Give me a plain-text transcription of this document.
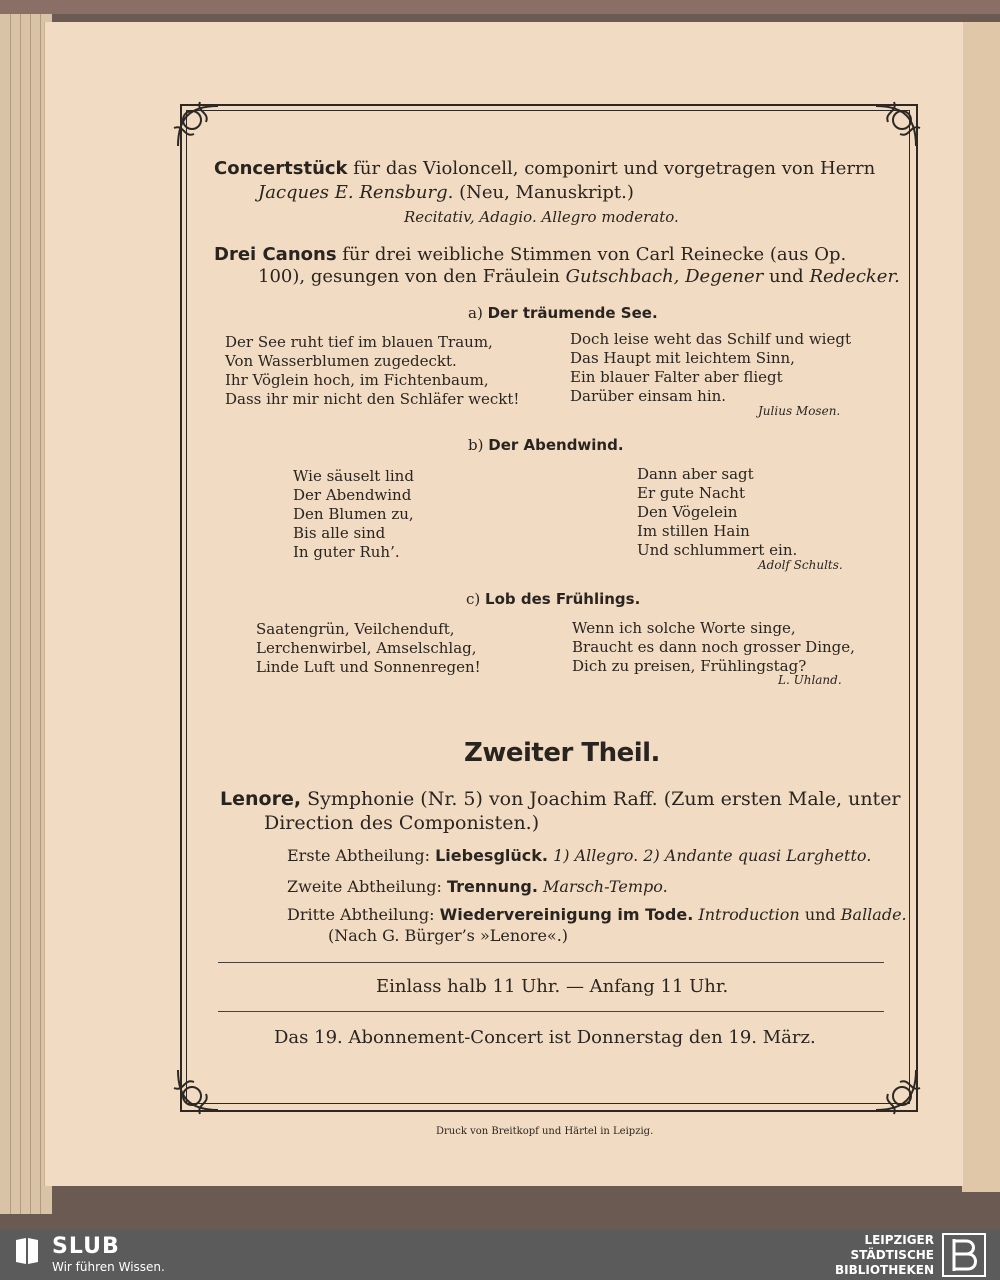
Concertstück für das Violoncell, componirt und vorgetragen von Herrn

Jacques E. Rensburg. (Neu, Manuskript.)

Recitativ, Adagio. Allegro moderato.

Drei Canons für drei weibliche Stimmen von Carl Reinecke (aus Op.

100), gesungen von den Fräulein Gutschbach, Degener und Redecker.

a) Der träumende See.

Der See ruht tief im blauen Traum,
Von Wasserblumen zugedeckt.
Ihr Vöglein hoch, im Fichtenbaum,
Dass ihr mir nicht den Schläfer weckt!
Doch leise weht das Schilf und wiegt
Das Haupt mit leichtem Sinn,
Ein blauer Falter aber fliegt
Darüber einsam hin.

Julius Mosen.

b) Der Abendwind.

Wie säuselt lind
Der Abendwind
Den Blumen zu,
Bis alle sind
In guter Ruh’.
Dann aber sagt
Er gute Nacht
Den Vögelein
Im stillen Hain
Und schlummert ein.

Adolf Schults.

c) Lob des Frühlings.

Saatengrün, Veilchenduft,
Lerchenwirbel, Amselschlag,
Linde Luft und Sonnenregen!
Wenn ich solche Worte singe,
Braucht es dann noch grosser Dinge,
Dich zu preisen, Frühlingstag?

L. Uhland.

Zweiter Theil.

Lenore, Symphonie (Nr. 5) von Joachim Raff. (Zum ersten Male, unter

Direction des Componisten.)

Erste Abtheilung: Liebesglück. 1) Allegro. 2) Andante quasi Larghetto.

Zweite Abtheilung: Trennung. Marsch-Tempo.

Dritte Abtheilung: Wiedervereinigung im Tode. Introduction und Ballade.

(Nach G. Bürger’s »Lenore«.)

Einlass halb 11 Uhr. — Anfang 11 Uhr.

Das 19. Abonnement-Concert ist Donnerstag den 19. März.

Druck von Breitkopf und Härtel in Leipzig.

SLUB
Wir führen Wissen.
LEIPZIGER
STÄDTISCHE
BIBLIOTHEKEN
